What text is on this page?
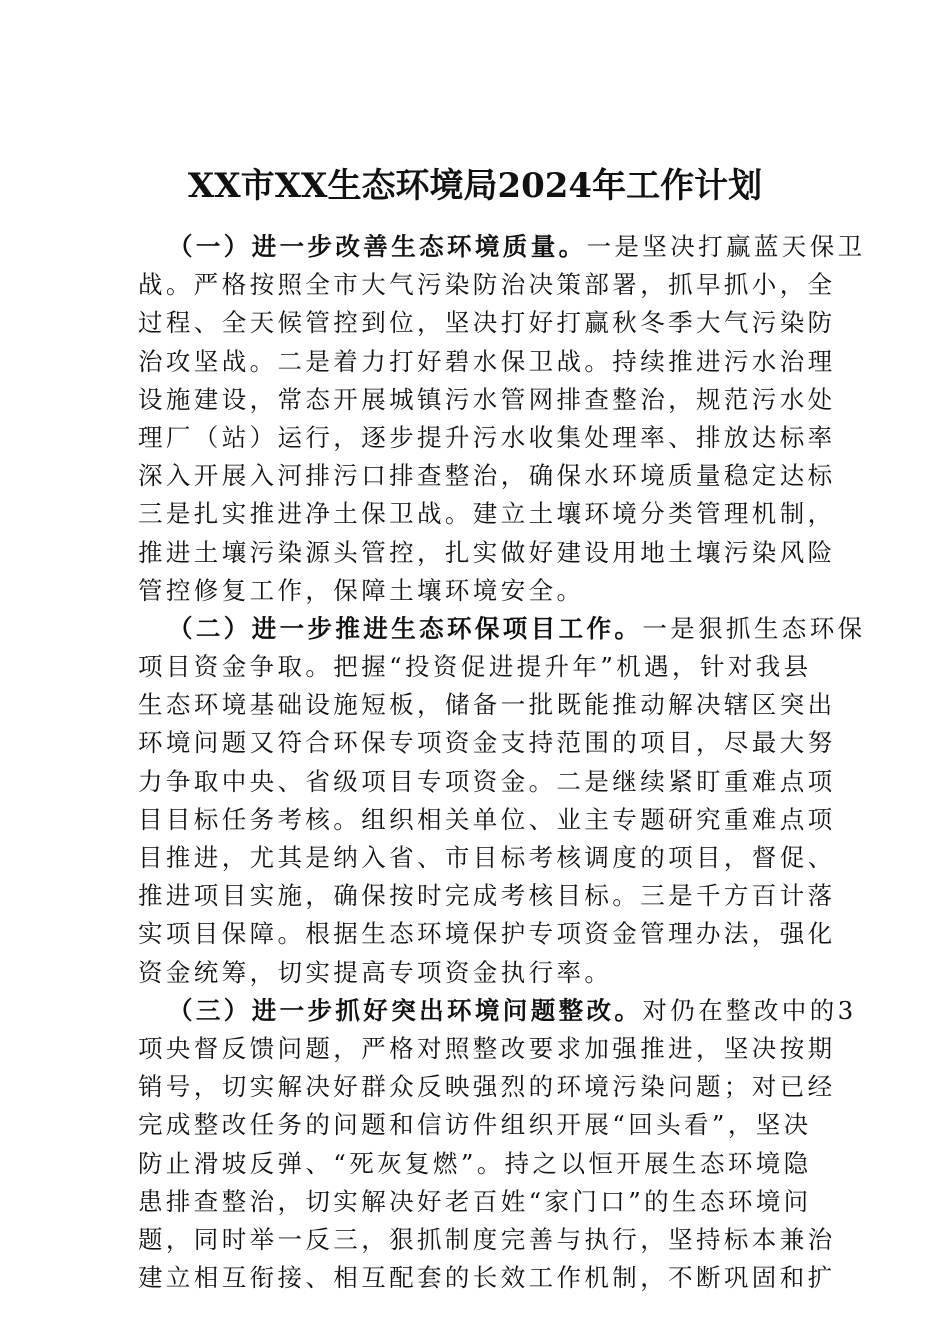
XX市XX生态环境局2024年工作计划
（一）进一步改善生态环境质量。一是坚决打赢蓝天保卫
战。严格按照全市大气污染防治决策部署，抓早抓小，全
过程、全天候管控到位，坚决打好打赢秋冬季大气污染防
治攻坚战。二是着力打好碧水保卫战。持续推进污水治理
设施建设，常态开展城镇污水管网排查整治，规范污水处
理厂（站）运行，逐步提升污水收集处理率、排放达标率
深入开展入河排污口排查整治，确保水环境质量稳定达标
三是扎实推进净土保卫战。建立土壤环境分类管理机制，
推进土壤污染源头管控，扎实做好建设用地土壤污染风险
管控修复工作，保障土壤环境安全。
（二）进一步推进生态环保项目工作。一是狠抓生态环保
项目资金争取。把握“投资促进提升年”机遇，针对我县
生态环境基础设施短板，储备一批既能推动解决辖区突出
环境问题又符合环保专项资金支持范围的项目，尽最大努
力争取中央、省级项目专项资金。二是继续紧盯重难点项
目目标任务考核。组织相关单位、业主专题研究重难点项
目推进，尤其是纳入省、市目标考核调度的项目，督促、
推进项目实施，确保按时完成考核目标。三是千方百计落
实项目保障。根据生态环境保护专项资金管理办法，强化
资金统筹，切实提高专项资金执行率。
（三）进一步抓好突出环境问题整改。对仍在整改中的3
项央督反馈问题，严格对照整改要求加强推进，坚决按期
销号，切实解决好群众反映强烈的环境污染问题；对已经
完成整改任务的问题和信访件组织开展“回头看”，坚决
防止滑坡反弹、“死灰复燃”。持之以恒开展生态环境隐
患排查整治，切实解决好老百姓“家门口”的生态环境问
题，同时举一反三，狠抓制度完善与执行，坚持标本兼治
建立相互衔接、相互配套的长效工作机制，不断巩固和扩
